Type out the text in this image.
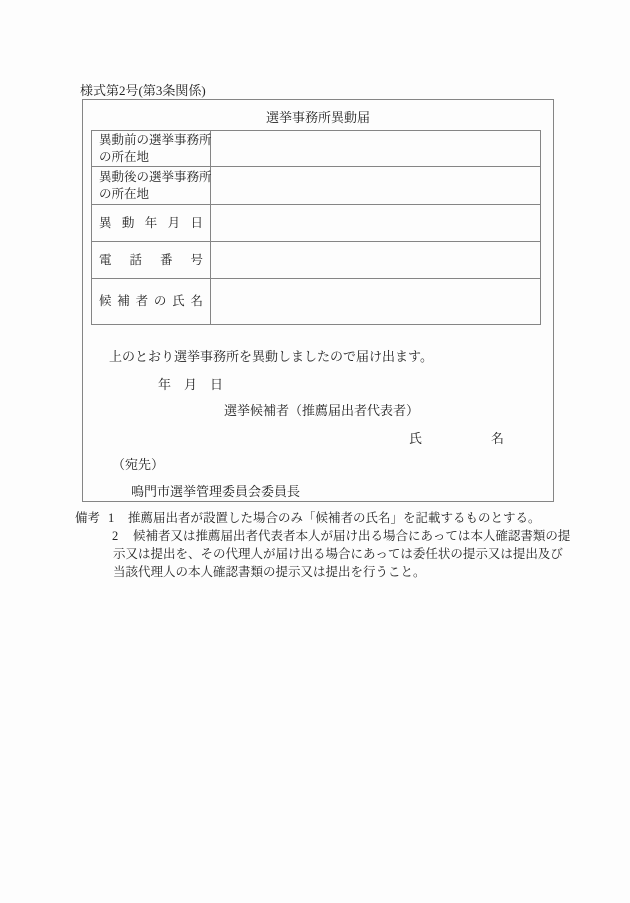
様式第2号(第3条関係)
選挙事務所異動届
異動前の選挙事務所
の所在地
異動後の選挙事務所
の所在地
異動年月日
電話番号
候補者の氏名
上のとおり選挙事務所を異動しましたので届け出ます。
年　月　日
選挙候補者（推薦届出者代表者）
氏	名
（宛先）
鳴門市選挙管理委員会委員長
備考 1	推薦届出者が設置した場合のみ「候補者の氏名」を記載するものとする。
2 候補者又は推薦届出者代表者本人が届け出る場合にあっては本人確認書類の提
示又は提出を、その代理人が届け出る場合にあっては委任状の提示又は提出及び
当該代理人の本人確認書類の提示又は提出を行うこと。
